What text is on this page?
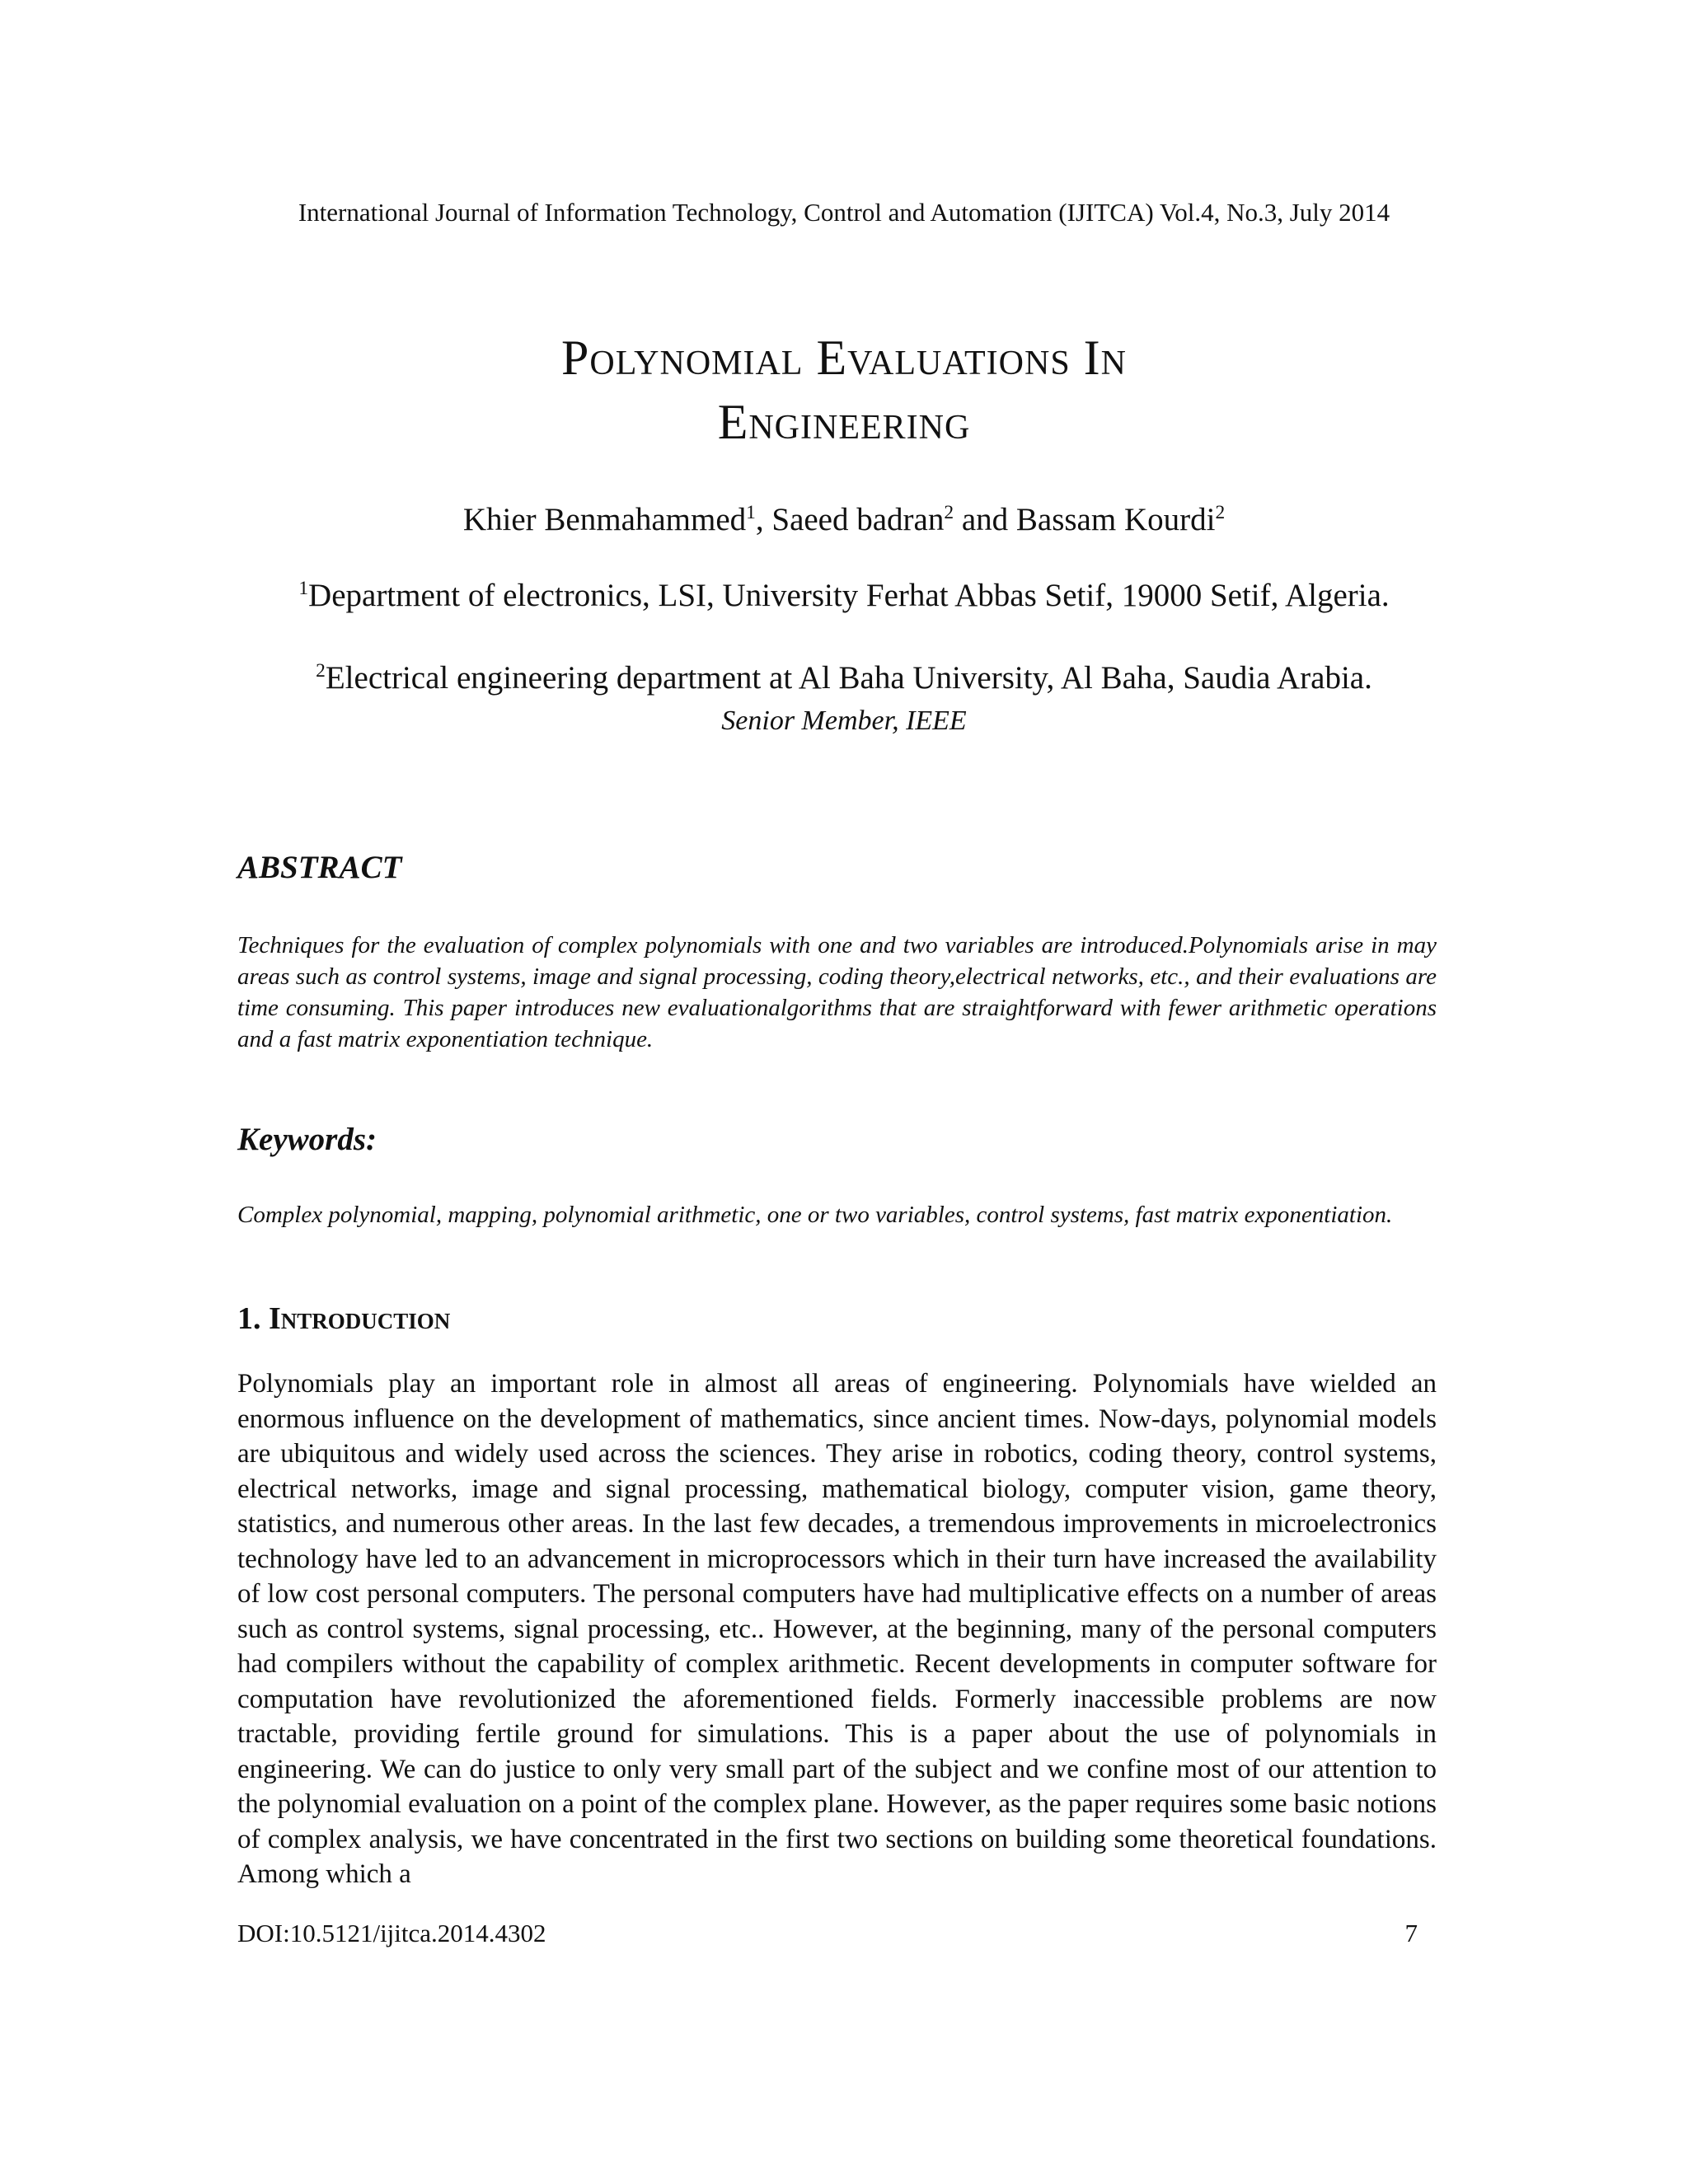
International Journal of Information Technology, Control and Automation (IJITCA) Vol.4, No.3, July 2014
Polynomial Evaluations In
Engineering
Khier Benmahammed$^1$, Saeed badran$^2$ and Bassam Kourdi$^2$
$^1$Department of electronics, LSI, University Ferhat Abbas Setif, 19000 Setif, Algeria.
$^2$Electrical engineering department at Al Baha University, Al Baha, Saudia Arabia.
Senior Member, IEEE
ABSTRACT
Techniques for the evaluation of complex polynomials with one and two variables are introduced.Polynomials arise in may areas such as control systems, image and signal processing, coding theory,electrical networks, etc., and their evaluations are time consuming. This paper introduces new evaluationalgorithms that are straightforward with fewer arithmetic operations and a fast matrix exponentiation technique.
Keywords:
Complex polynomial, mapping, polynomial arithmetic, one or two variables, control systems, fast matrix exponentiation.
1. Introduction
Polynomials play an important role in almost all areas of engineering. Polynomials have wielded an enormous influence on the development of mathematics, since ancient times. Now-days, polynomial models are ubiquitous and widely used across the sciences. They arise in robotics, coding theory, control systems, electrical networks, image and signal processing, mathematical biology, computer vision, game theory, statistics, and numerous other areas. In the last few decades, a tremendous improvements in microelectronics technology have led to an advancement in microprocessors which in their turn have increased the availability of low cost personal computers. The personal computers have had multiplicative effects on a number of areas such as control systems, signal processing, etc.. However, at the beginning, many of the personal computers had compilers without the capability of complex arithmetic. Recent developments in computer software for computation have revolutionized the aforementioned fields. Formerly inaccessible problems are now tractable, providing fertile ground for simulations. This is a paper about the use of polynomials in engineering. We can do justice to only very small part of the subject and we confine most of our attention to the polynomial evaluation on a point of the complex plane. However, as the paper requires some basic notions of complex analysis, we have concentrated in the first two sections on building some theoretical foundations. Among which a
DOI:10.5121/ijitca.2014.4302	7
